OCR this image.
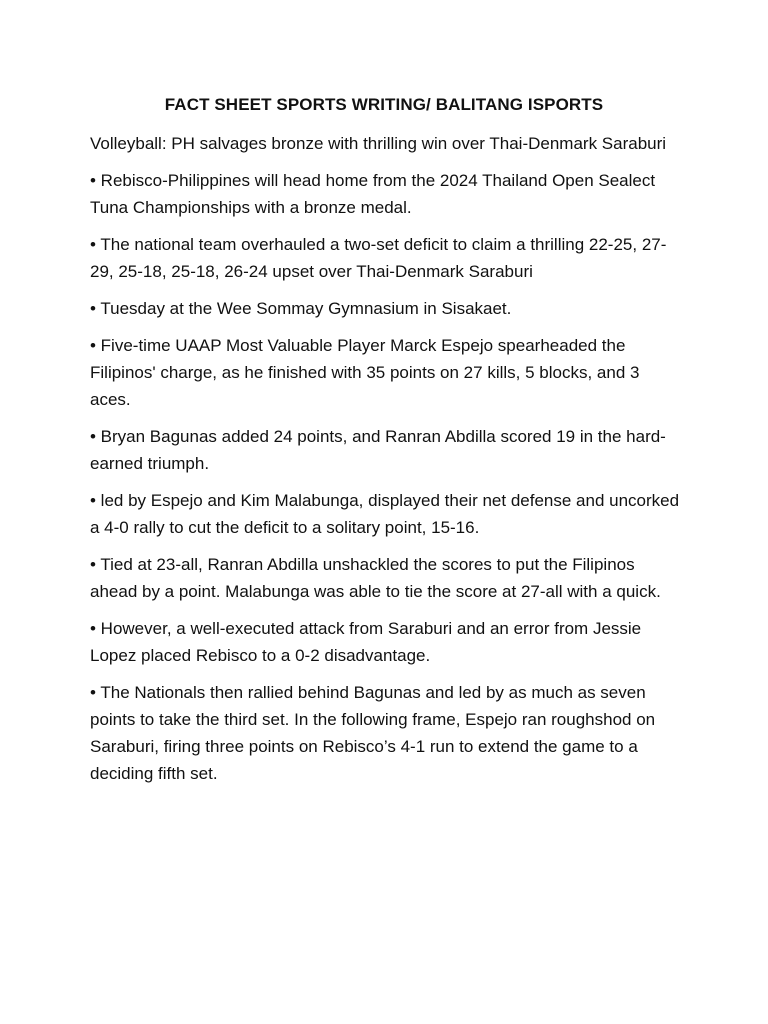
FACT SHEET SPORTS WRITING/ BALITANG ISPORTS

Volleyball: PH salvages bronze with thrilling win over Thai-Denmark Saraburi

• Rebisco-Philippines will head home from the 2024 Thailand Open Sealect Tuna Championships with a bronze medal.

• The national team overhauled a two-set deficit to claim a thrilling 22-25, 27-29, 25-18, 25-18, 26-24 upset over Thai-Denmark Saraburi

• Tuesday at the Wee Sommay Gymnasium in Sisakaet.

• Five-time UAAP Most Valuable Player Marck Espejo spearheaded the Filipinos' charge, as he finished with 35 points on 27 kills, 5 blocks, and 3 aces.

• Bryan Bagunas added 24 points, and Ranran Abdilla scored 19 in the hard-earned triumph.

• led by Espejo and Kim Malabunga, displayed their net defense and uncorked a 4-0 rally to cut the deficit to a solitary point, 15-16.

• Tied at 23-all, Ranran Abdilla unshackled the scores to put the Filipinos ahead by a point. Malabunga was able to tie the score at 27-all with a quick.

• However, a well-executed attack from Saraburi and an error from Jessie Lopez placed Rebisco to a 0-2 disadvantage.

• The Nationals then rallied behind Bagunas and led by as much as seven points to take the third set. In the following frame, Espejo ran roughshod on Saraburi, firing three points on Rebisco’s 4-1 run to extend the game to a deciding fifth set.
